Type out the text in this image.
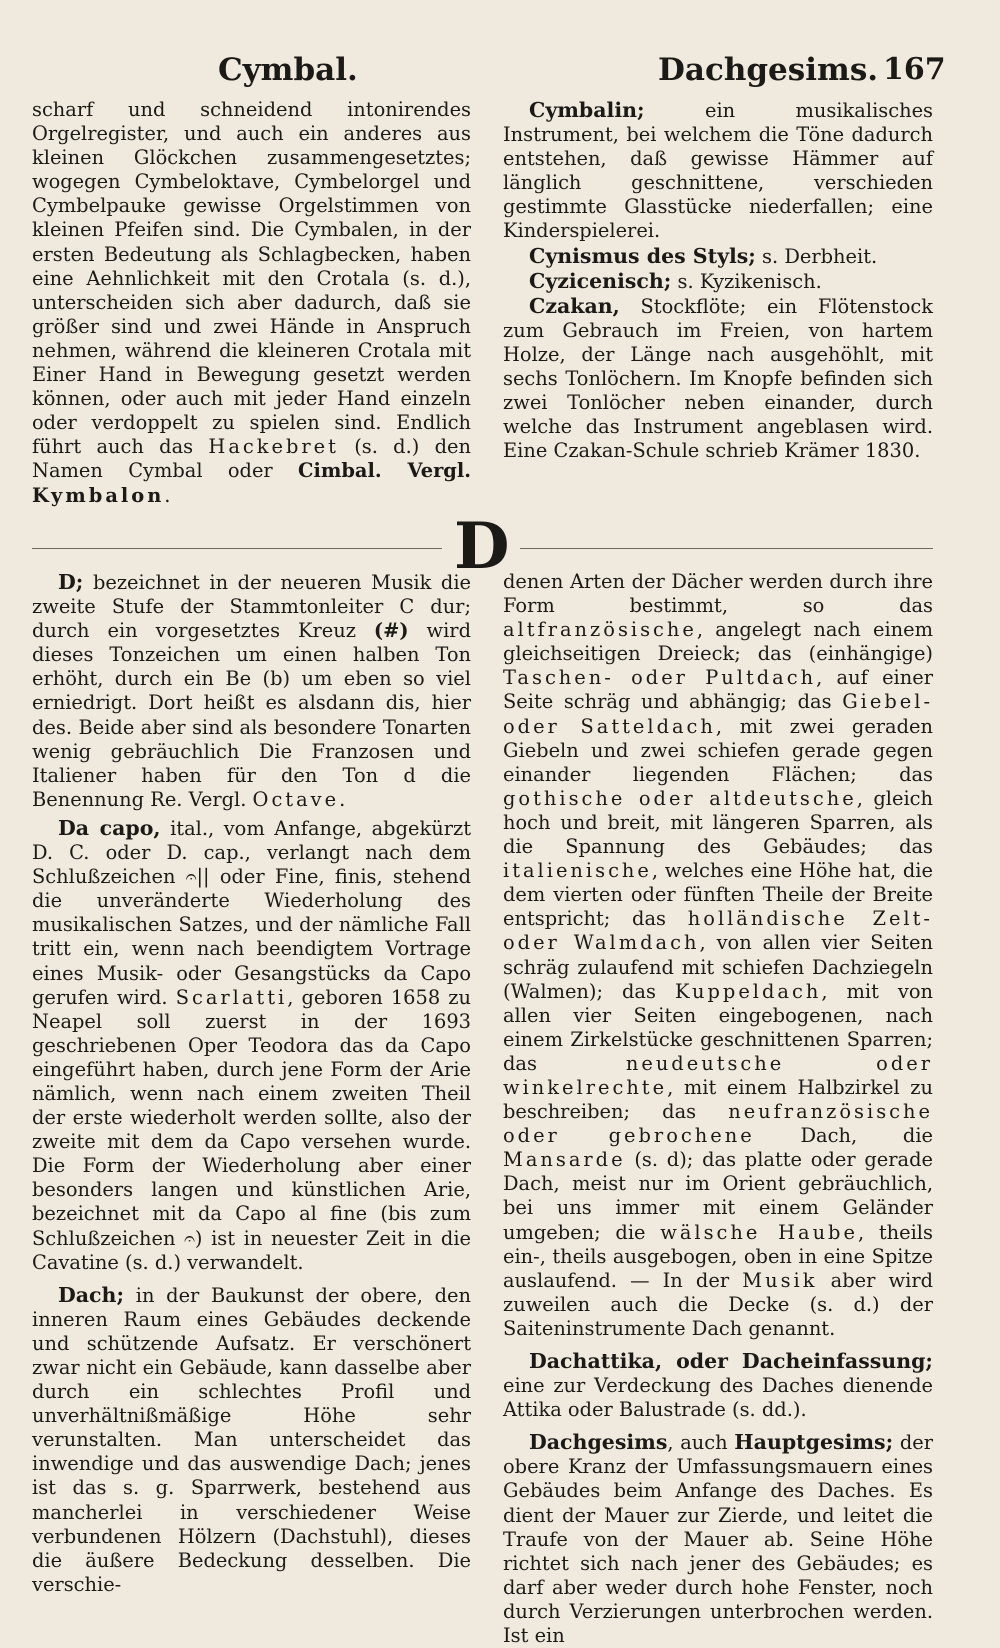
Cymbal.	Dachgesims. 167

scharf und schneidend intonirendes Orgelregister, und auch ein anderes aus kleinen Glöckchen zusammengesetztes; wogegen Cymbeloktave, Cymbelorgel und Cymbelpauke gewisse Orgelstimmen von kleinen Pfeifen sind. Die Cymbalen, in der ersten Bedeutung als Schlagbecken, haben eine Aehnlichkeit mit den Crotala (s. d.), unterscheiden sich aber dadurch, daß sie größer sind und zwei Hände in Anspruch nehmen, während die kleineren Crotala mit Einer Hand in Bewegung gesetzt werden können, oder auch mit jeder Hand einzeln oder verdoppelt zu spielen sind. Endlich führt auch das Hackebret (s. d.) den Namen Cymbal oder Cimbal. Vergl. Kymbalon.

Cymbalin;	ein musikalisches Instrument, bei welchem die Töne dadurch entstehen, daß gewisse Hämmer auf länglich geschnittene, verschieden gestimmte Glasstücke niederfallen; eine Kinderspielerei.

Cynismus des Styls; s. Derbheit.

Cyzicenisch; s. Kyzikenisch.

Czakan, Stockflöte; ein Flötenstock zum Gebrauch im Freien, von hartem Holze, der Länge nach ausgehöhlt, mit sechs Tonlöchern. Im Knopfe befinden sich zwei Tonlöcher neben einander, durch welche das Instrument angeblasen wird. Eine Czakan-Schule schrieb Krämer 1830.

D

D; bezeichnet in der neueren Musik die zweite Stufe der Stammtonleiter C dur; durch ein vorgesetztes Kreuz (#) wird dieses Tonzeichen um einen halben Ton erhöht, durch ein Be (b) um eben so viel erniedrigt. Dort heißt es alsdann dis, hier des. Beide aber sind als besondere Tonarten wenig gebräuchlich Die Franzosen und Italiener haben für den Ton d die Benennung Re. Vergl. Octave.

Da capo, ital., vom Anfange, abgekürzt D. C. oder D. cap., verlangt nach dem Schlußzeichen 𝄐|| oder Fine, finis, stehend die unveränderte Wiederholung des musikalischen Satzes, und der nämliche Fall tritt ein, wenn nach beendigtem Vortrage eines Musik- oder Gesangstücks da Capo gerufen wird. Scarlatti, geboren 1658 zu Neapel soll zuerst in der 1693 geschriebenen Oper Teodora das da Capo eingeführt haben, durch jene Form der Arie nämlich, wenn nach einem zweiten Theil der erste wiederholt werden sollte, also der zweite mit dem da Capo versehen wurde. Die Form der Wiederholung aber einer besonders langen und künstlichen Arie, bezeichnet mit da Capo al fine (bis zum Schlußzeichen 𝄐) ist in neuester Zeit in die Cavatine (s. d.) verwandelt.

Dach; in der Baukunst der obere, den inneren Raum eines Gebäudes deckende und schützende Aufsatz. Er verschönert zwar nicht ein Gebäude, kann dasselbe aber durch ein schlechtes Profil und unverhältnißmäßige Höhe sehr verunstalten. Man unterscheidet das inwendige und das auswendige Dach; jenes ist das s. g. Sparrwerk, bestehend aus mancherlei in verschiedener Weise verbundenen Hölzern (Dachstuhl), dieses die äußere Bedeckung desselben. Die verschie-

denen Arten der Dächer werden durch ihre Form bestimmt, so das altfranzösische, angelegt nach einem gleichseitigen Dreieck; das (einhängige) Taschen- oder Pultdach, auf einer Seite schräg und abhängig; das Giebel- oder Satteldach, mit zwei geraden Giebeln und zwei schiefen gerade gegen einander liegenden Flächen; das gothische oder altdeutsche, gleich hoch und breit, mit längeren Sparren, als die Spannung des Gebäudes; das italienische, welches eine Höhe hat, die dem vierten oder fünften Theile der Breite entspricht; das holländische Zelt- oder Walmdach, von allen vier Seiten schräg zulaufend mit schiefen Dachziegeln (Walmen); das Kuppeldach, mit von allen vier Seiten eingebogenen, nach einem Zirkelstücke geschnittenen Sparren; das	neudeutsche oder winkelrechte, mit einem Halbzirkel zu beschreiben; das neufranzösische oder gebrochene Dach, die Mansarde (s. d); das platte oder gerade Dach, meist nur im Orient gebräuchlich, bei uns immer mit einem Geländer umgeben; die wälsche Haube, theils ein-, theils ausgebogen, oben in eine Spitze auslaufend. — In der Musik aber wird zuweilen auch die Decke (s. d.) der Saiteninstrumente Dach genannt.

Dachattika, oder Dacheinfassung; eine zur Verdeckung des Daches dienende Attika oder Balustrade (s. dd.).

Dachgesims, auch Hauptgesims; der obere Kranz der Umfassungsmauern eines Gebäudes beim Anfange des Daches. Es dient der Mauer zur Zierde, und leitet die Traufe von der Mauer ab. Seine Höhe richtet sich nach jener des Gebäudes; es darf aber weder durch hohe Fenster, noch durch Verzierungen unterbrochen werden. Ist ein
